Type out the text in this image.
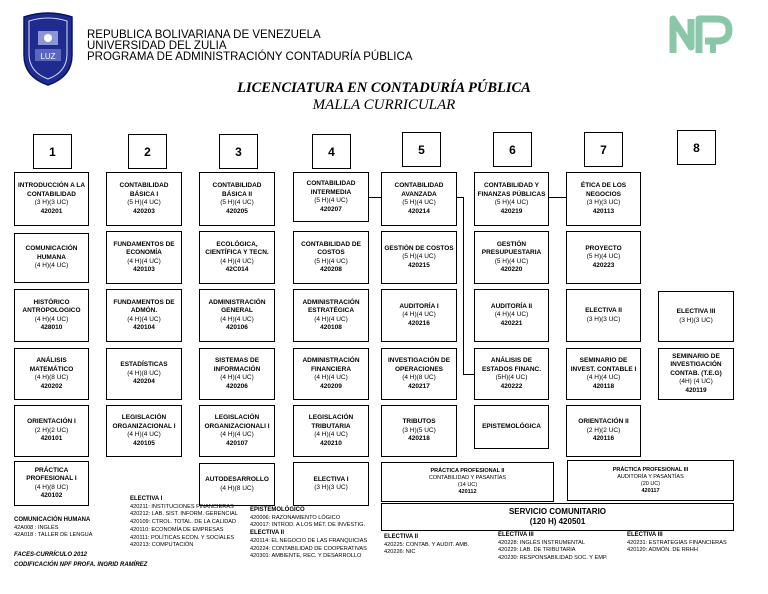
LUZ
REPUBLICA BOLIVARIANA DE VENEZUELA
UNIVERSIDAD DEL ZULIA
PROGRAMA DE ADMINISTRACIÓNY CONTADURÍA PÚBLICA
LICENCIATURA EN CONTADURÍA PÚBLICA
MALLA CURRICULAR
1	2	3	4	5	6	7	8
INTRODUCCIÓN A LA CONTABILIDAD
(3 H)(3 UC)
420201
COMUNICACIÓN HUMANA
(4 H)(4 UC)
HISTÓRICO ANTROPOLOGICO
(4 H)(4 UC)
428010
ANÁLISIS MATEMÁTICO
(4 H)(8 UC)
420202
ORIENTACIÓN I
(2 H)(2 UC)
420101
PRÁCTICA PROFESIONAL I
(4 H)(8 UC)
420102
CONTABILIDAD BÁSICA I
(5 H)(4 UC)
420203
FUNDAMENTOS DE ECONOMÍA
(4 H)(4 UC)
420103
FUNDAMENTOS DE ADMÓN.
(4 H)(4 UC)
420104
ESTADÍSTICAS
(4 H)(8 UC)
420204
LEGISLACIÓN ORGANIZACIONAL I
(4 H)(4 UC)
420105
CONTABILIDAD BÁSICA II
(5 H)(4 UC)
420205
ECOLÓGICA, CIENTÍFICA Y TECN.
(4 H)(4 UC)
42C014
ADMINISTRACIÓN GENERAL
(4 H)(4 UC)
420106
SISTEMAS DE INFORMACIÓN
(4 H)(4 UC)
420206
LEGISLACIÓN ORGANIZACIONALI I
(4 H)(4 UC)
420107
AUTODESARROLLO
(4 H)(8 UC)
CONTABILIDAD INTERMEDIA
(5 H)(4 UC)
420207
CONTABILIDAD DE COSTOS
(5 H)(4 UC)
420208
ADMINISTRACIÓN ESTRATÉGICA
(4 H)(4 UC)
420108
ADMINISTRACIÓN FINANCIERA
(4 H)(4 UC)
420209
LEGISLACIÓN TRIBUTARIA
(4 H)(4 UC)
420210
ELECTIVA I
(3 H)(3 UC)
CONTABILIDAD AVANZADA
(5 H)(4 UC)
420214
GESTIÓN DE COSTOS
(5 H)(4 UC)
420215
AUDITORÍA I
(4 H)(4 UC)
420216
INVESTIGACIÓN DE OPERACIONES
(4 H)(8 UC)
420217
TRIBUTOS
(3 H)(5 UC)
420218
CONTABILIDAD Y FINANZAS PÚBLICAS
(5 H)(4 UC)
420219
GESTIÓN PRESUPUESTARIA
(5 H)(4 UC)
420220
AUDITORÍA II
(4 H)(4 UC)
420221
ANÁLISIS DE ESTADOS FINANC.
(5H)(4 UC)
420222
EPISTEMOLÓGICA
ÉTICA DE LOS NEGOCIOS
(3 H)(3 UC)
420113
PROYECTO
(5 H)(4 UC)
420223
ELECTIVA II
(3 H)(3 UC)
SEMINARIO DE INVEST. CONTABLE I
(4 H)(4 UC)
420118
ORIENTACIÓN II
(2 H)(2 UC)
420116
ELECTIVA III
(3 H)(3 UC)
SEMINARIO DE INVESTIGACIÓN CONTAB. (T.E.G)
(4H) (4 UC)
420119
PRÁCTICA PROFESIONAL II
CONTABILIDAD Y PASANTÍAS
(14 UC)
420112
PRÁCTICA PROFESIONAL III
AUDITORÍA Y PASANTÍAS
(20 UC)
420117
SERVICIO COMUNITARIO
(120 H) 420501
COMUNICACIÓN HUMANA
42A008 : INGLÉS
42A018 : TALLER DE LENGUA
ELECTIVA I
420211: INSTITUCIONES FINANCIERAS
420212: LAB. SIST. INFORM. GERENCIAL
420109: CTROL. TOTAL. DE LA CALIDAD
420110: ECONOMÍA DE EMPRESAS
420111: POLÍTICAS ECON. Y SOCIALES
420213: COMPUTACIÓN
EPISTEMOLÓGICO
420006: RAZONAMIENTO LÓGICO
420017: INTROD. A LOS MÉT. DE INVESTIG.
ELECTIVA II
420114: EL NEGOCIO DE LAS FRANQUICIAS
420224: CONTABILIDAD DE COOPERATIVAS
420301: AMBIENTE, REC. Y DESARROLLO
ELECTIVA II
420225: CONTAB. Y AUDIT. AMB.
420226: NIC
ELECTIVA III
420228: INGLÉS INSTRUMENTAL
420229: LAB. DE TRIBUTARIA
420230: RESPONSABILIDAD SOC. Y EMP.
ELECTIVA III
420231: ESTRATEGIAS FINANCIERAS
420120: ADMÓN. DE RRHH
FACES-CURRÍCULO 2012
CODIFICACIÓN NPF PROFA. INGRID RAMÍREZ
